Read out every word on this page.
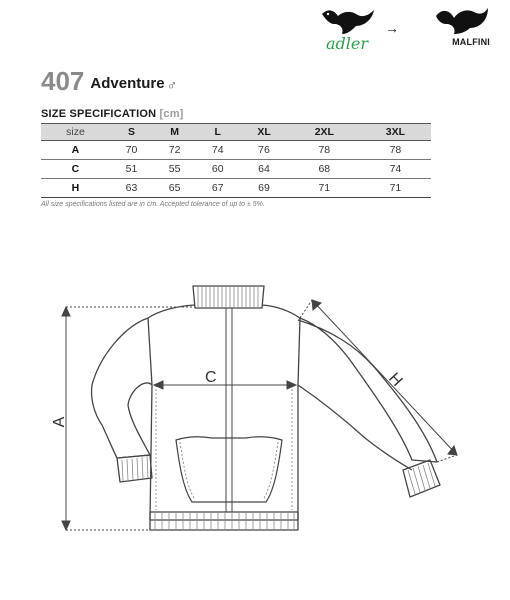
→
adler	MALFINI
407 Adventure ♂
SIZE SPECIFICATION [cm]
size	S	M	L	XL	2XL	3XL
A	70	72	74	76	78	78
C	51	55	60	64	68	74
H	63	65	67	69	71	71
All size specifications listed are in cm. Accepted tolerance of up to ± 5%.
A
C	H
